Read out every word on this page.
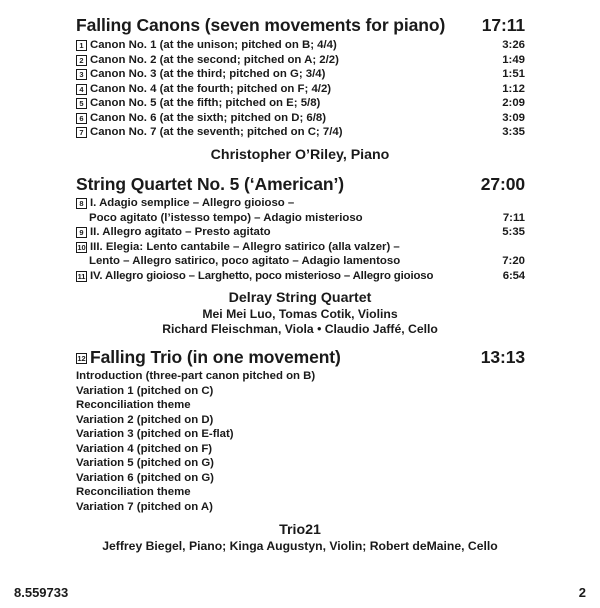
Falling Canons (seven movements for piano) 17:11
1 Canon No. 1 (at the unison; pitched on B; 4/4)	3:26
2 Canon No. 2 (at the second; pitched on A; 2/2)	1:49
3 Canon No. 3 (at the third; pitched on G; 3/4)	1:51
4 Canon No. 4 (at the fourth; pitched on F; 4/2)	1:12
5 Canon No. 5 (at the fifth; pitched on E; 5/8)	2:09
6 Canon No. 6 (at the sixth; pitched on D; 6/8)	3:09
7 Canon No. 7 (at the seventh; pitched on C; 7/4)	3:35
Christopher O’Riley, Piano
String Quartet No. 5 (‘American’)	27:00
8 I. Adagio semplice – Allegro gioioso –
Poco agitato (l’istesso tempo) – Adagio misterioso	7:11
9 II. Allegro agitato – Presto agitato	5:35
10 III. Elegia: Lento cantabile – Allegro satirico (alla valzer) –
Lento – Allegro satirico, poco agitato – Adagio lamentoso	7:20
11 IV. Allegro gioioso – Larghetto, poco misterioso – Allegro gioioso	6:54
Delray String Quartet
Mei Mei Luo, Tomas Cotik, Violins
Richard Fleischman, Viola • Claudio Jaffé, Cello
12 Falling Trio (in one movement)	13:13
Introduction (three-part canon pitched on B)
Variation 1 (pitched on C)
Reconciliation theme
Variation 2 (pitched on D)
Variation 3 (pitched on E-flat)
Variation 4 (pitched on F)
Variation 5 (pitched on G)
Variation 6 (pitched on G)
Reconciliation theme
Variation 7 (pitched on A)
Trio21
Jeffrey Biegel, Piano; Kinga Augustyn, Violin; Robert deMaine, Cello
8.559733	2
